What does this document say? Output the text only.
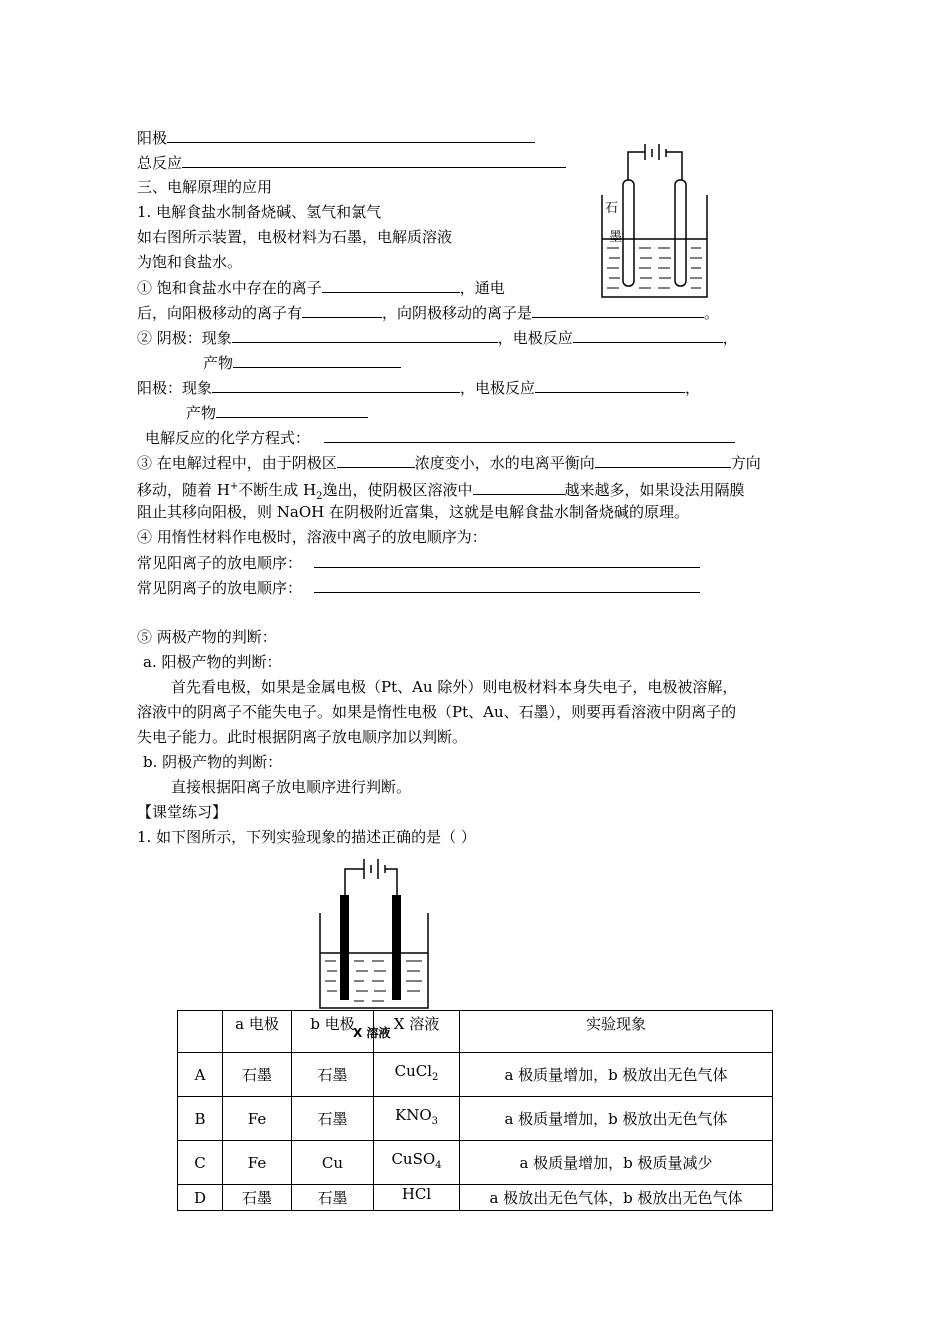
阳极
总反应
三、电解原理的应用
1. 电解食盐水制备烧碱、氢气和氯气
如右图所示装置，电极材料为石墨，电解质溶液
为饱和食盐水。
① 饱和食盐水中存在的离子	，通电
后，向阳极移动的离子有	，向阴极移动的离子是	。
② 阴极：现象	，电极反应	，
产物
阳极：现象	，电极反应	，
产物
电解反应的化学方程式：
③ 在电解过程中，由于阴极区	浓度变小，水的电离平衡向	方向
移动，随着 H+不断生成 $H_2$逸出，使阴极区溶液中	越来越多，如果设法用隔膜
阻止其移向阳极，则 NaOH 在阴极附近富集，这就是电解食盐水制备烧碱的原理。
④ 用惰性材料作电极时，溶液中离子的放电顺序为：
常见阳离子的放电顺序：
常见阴离子的放电顺序：
⑤ 两极产物的判断：
a. 阳极产物的判断：
首先看电极，如果是金属电极（Pt、Au 除外）则电极材料本身失电子，电极被溶解，
溶液中的阴离子不能失电子。如果是惰性电极（Pt、Au、石墨），则要再看溶液中阴离子的
失电子能力。此时根据阴离子放电顺序加以判断。
b. 阴极产物的判断：
直接根据阳离子放电顺序进行判断。
【课堂练习】
1. 如下图所示，下列实验现象的描述正确的是（ ）
石
墨
X 溶液
	a 电极	b 电极	X 溶液	实验现象
A	石墨	石墨	CuCl$_2$	a 极质量增加，b 极放出无色气体
B	Fe	石墨	$KNO_3$	a 极质量增加，b 极放出无色气体
C	Fe	Cu	CuSO$_4$	a 极质量增加，b 极质量减少
D	石墨	石墨	HCl	a 极放出无色气体，b 极放出无色气体
